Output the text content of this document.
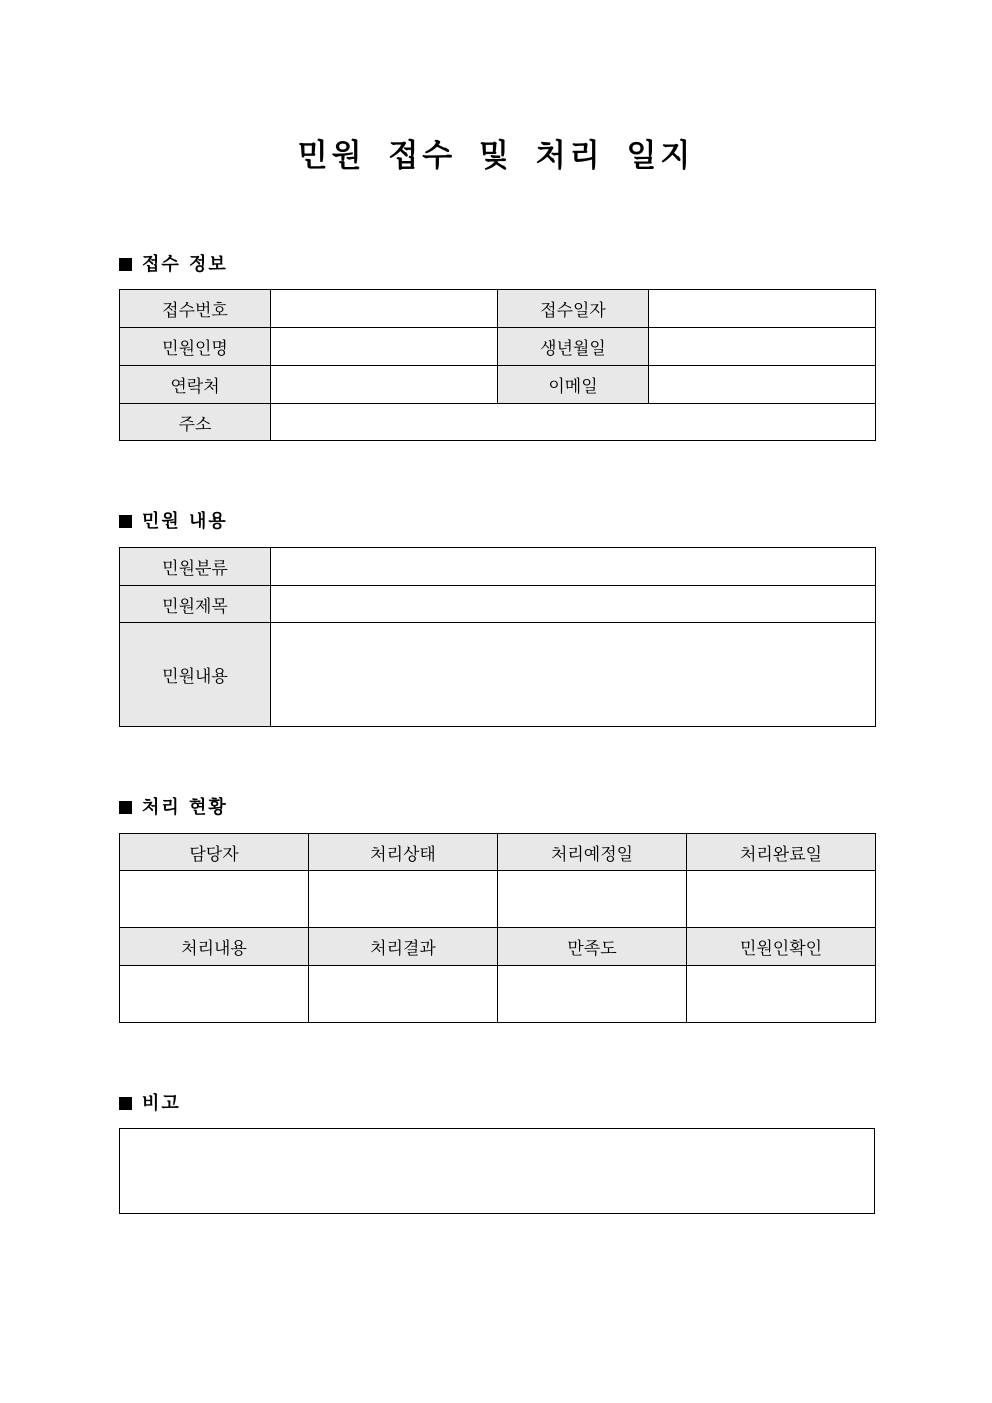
민원 접수 및 처리 일지
접수 정보
접수번호		접수일자	
민원인명		생년월일	
연락처		이메일	
주소			
민원 내용
민원분류	
민원제목	
민원내용	
처리 현황
담당자	처리상태	처리예정일	처리완료일

처리내용	처리결과	만족도	민원인확인

비고
